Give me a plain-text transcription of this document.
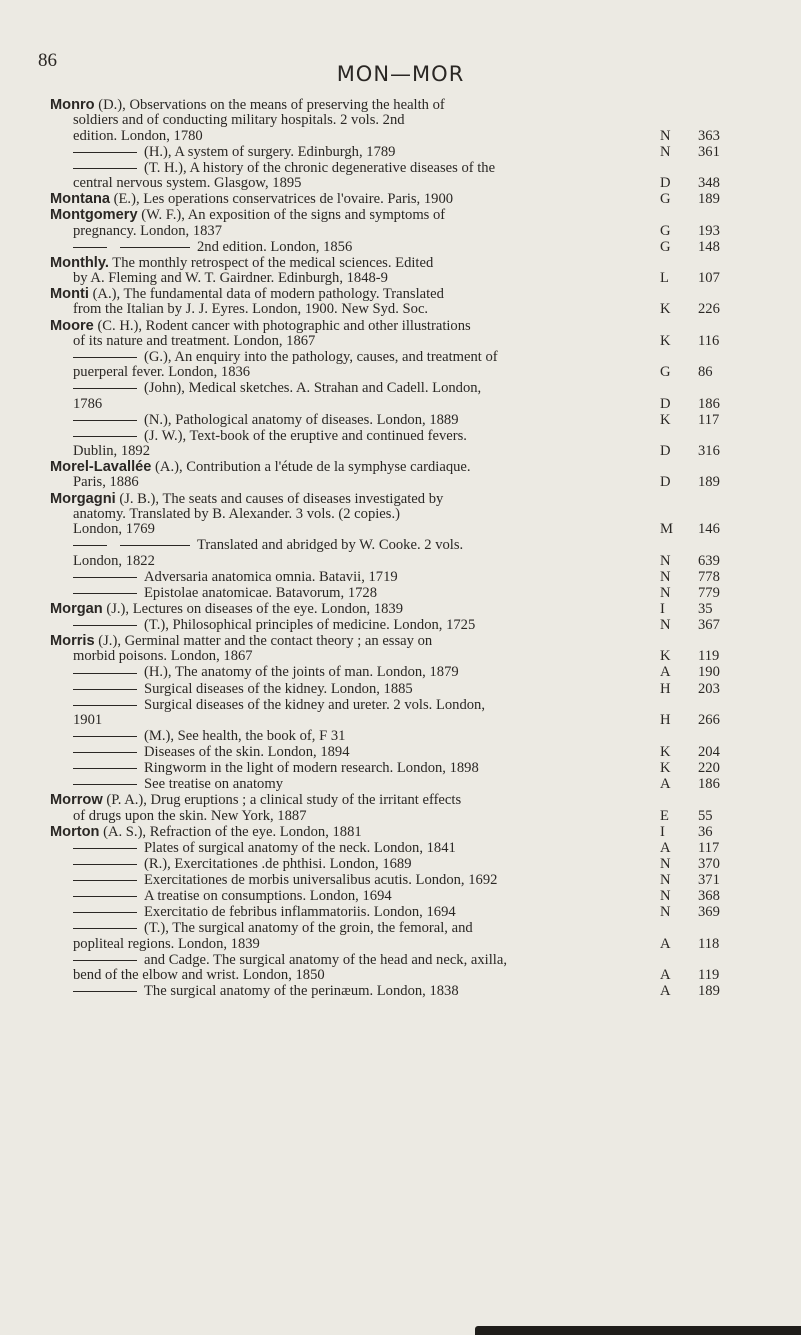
86
MON—MOR
Monro (D.), Observations on the means of preserving the health of
soldiers and of conducting military hospitals. 2 vols. 2nd
edition. London, 1780	N 363
(H.), A system of surgery. Edinburgh, 1789	N 361
(T. H.), A history of the chronic degenerative diseases of the
central nervous system. Glasgow, 1895	D 348
Montana (E.), Les operations conservatrices de l'ovaire. Paris, 1900	G 189
Montgomery (W. F.), An exposition of the signs and symptoms of
pregnancy. London, 1837	G 193
2nd edition. London, 1856	G 148
Monthly. The monthly retrospect of the medical sciences. Edited
by A. Fleming and W. T. Gairdner. Edinburgh, 1848-9	L 107
Monti (A.), The fundamental data of modern pathology. Translated
from the Italian by J. J. Eyres. London, 1900. New Syd. Soc.	K 226
Moore (C. H.), Rodent cancer with photographic and other illustrations
of its nature and treatment. London, 1867	K 116
(G.), An enquiry into the pathology, causes, and treatment of
puerperal fever. London, 1836	G 86
(John), Medical sketches. A. Strahan and Cadell. London,
1786	D 186
(N.), Pathological anatomy of diseases. London, 1889	K 117
(J. W.), Text-book of the eruptive and continued fevers.
Dublin, 1892	D 316
Morel-Lavallée (A.), Contribution a l'étude de la symphyse cardiaque.
Paris, 1886	D 189
Morgagni (J. B.), The seats and causes of diseases investigated by
anatomy. Translated by B. Alexander. 3 vols. (2 copies.)
London, 1769	M 146
Translated and abridged by W. Cooke. 2 vols.
London, 1822	N 639
Adversaria anatomica omnia. Batavii, 1719	N 778
Epistolae anatomicae. Batavorum, 1728	N 779
Morgan (J.), Lectures on diseases of the eye. London, 1839	I 35
(T.), Philosophical principles of medicine. London, 1725	N 367
Morris (J.), Germinal matter and the contact theory ; an essay on
morbid poisons. London, 1867	K 119
(H.), The anatomy of the joints of man. London, 1879	A 190
Surgical diseases of the kidney. London, 1885	H 203
Surgical diseases of the kidney and ureter. 2 vols. London,
1901	H 266
(M.), See health, the book of, F 31
Diseases of the skin. London, 1894	K 204
Ringworm in the light of modern research. London, 1898	K 220
See treatise on anatomy	A 186
Morrow (P. A.), Drug eruptions ; a clinical study of the irritant effects
of drugs upon the skin. New York, 1887	E 55
Morton (A. S.), Refraction of the eye. London, 1881	I 36
Plates of surgical anatomy of the neck. London, 1841	A 117
(R.), Exercitationes .de phthisi. London, 1689	N 370
Exercitationes de morbis universalibus acutis. London, 1692	N 371
A treatise on consumptions. London, 1694	N 368
Exercitatio de febribus inflammatoriis. London, 1694	N 369
(T.), The surgical anatomy of the groin, the femoral, and
popliteal regions. London, 1839	A 118
and Cadge. The surgical anatomy of the head and neck, axilla,
bend of the elbow and wrist. London, 1850	A 119
The surgical anatomy of the perinæum. London, 1838	A 189
